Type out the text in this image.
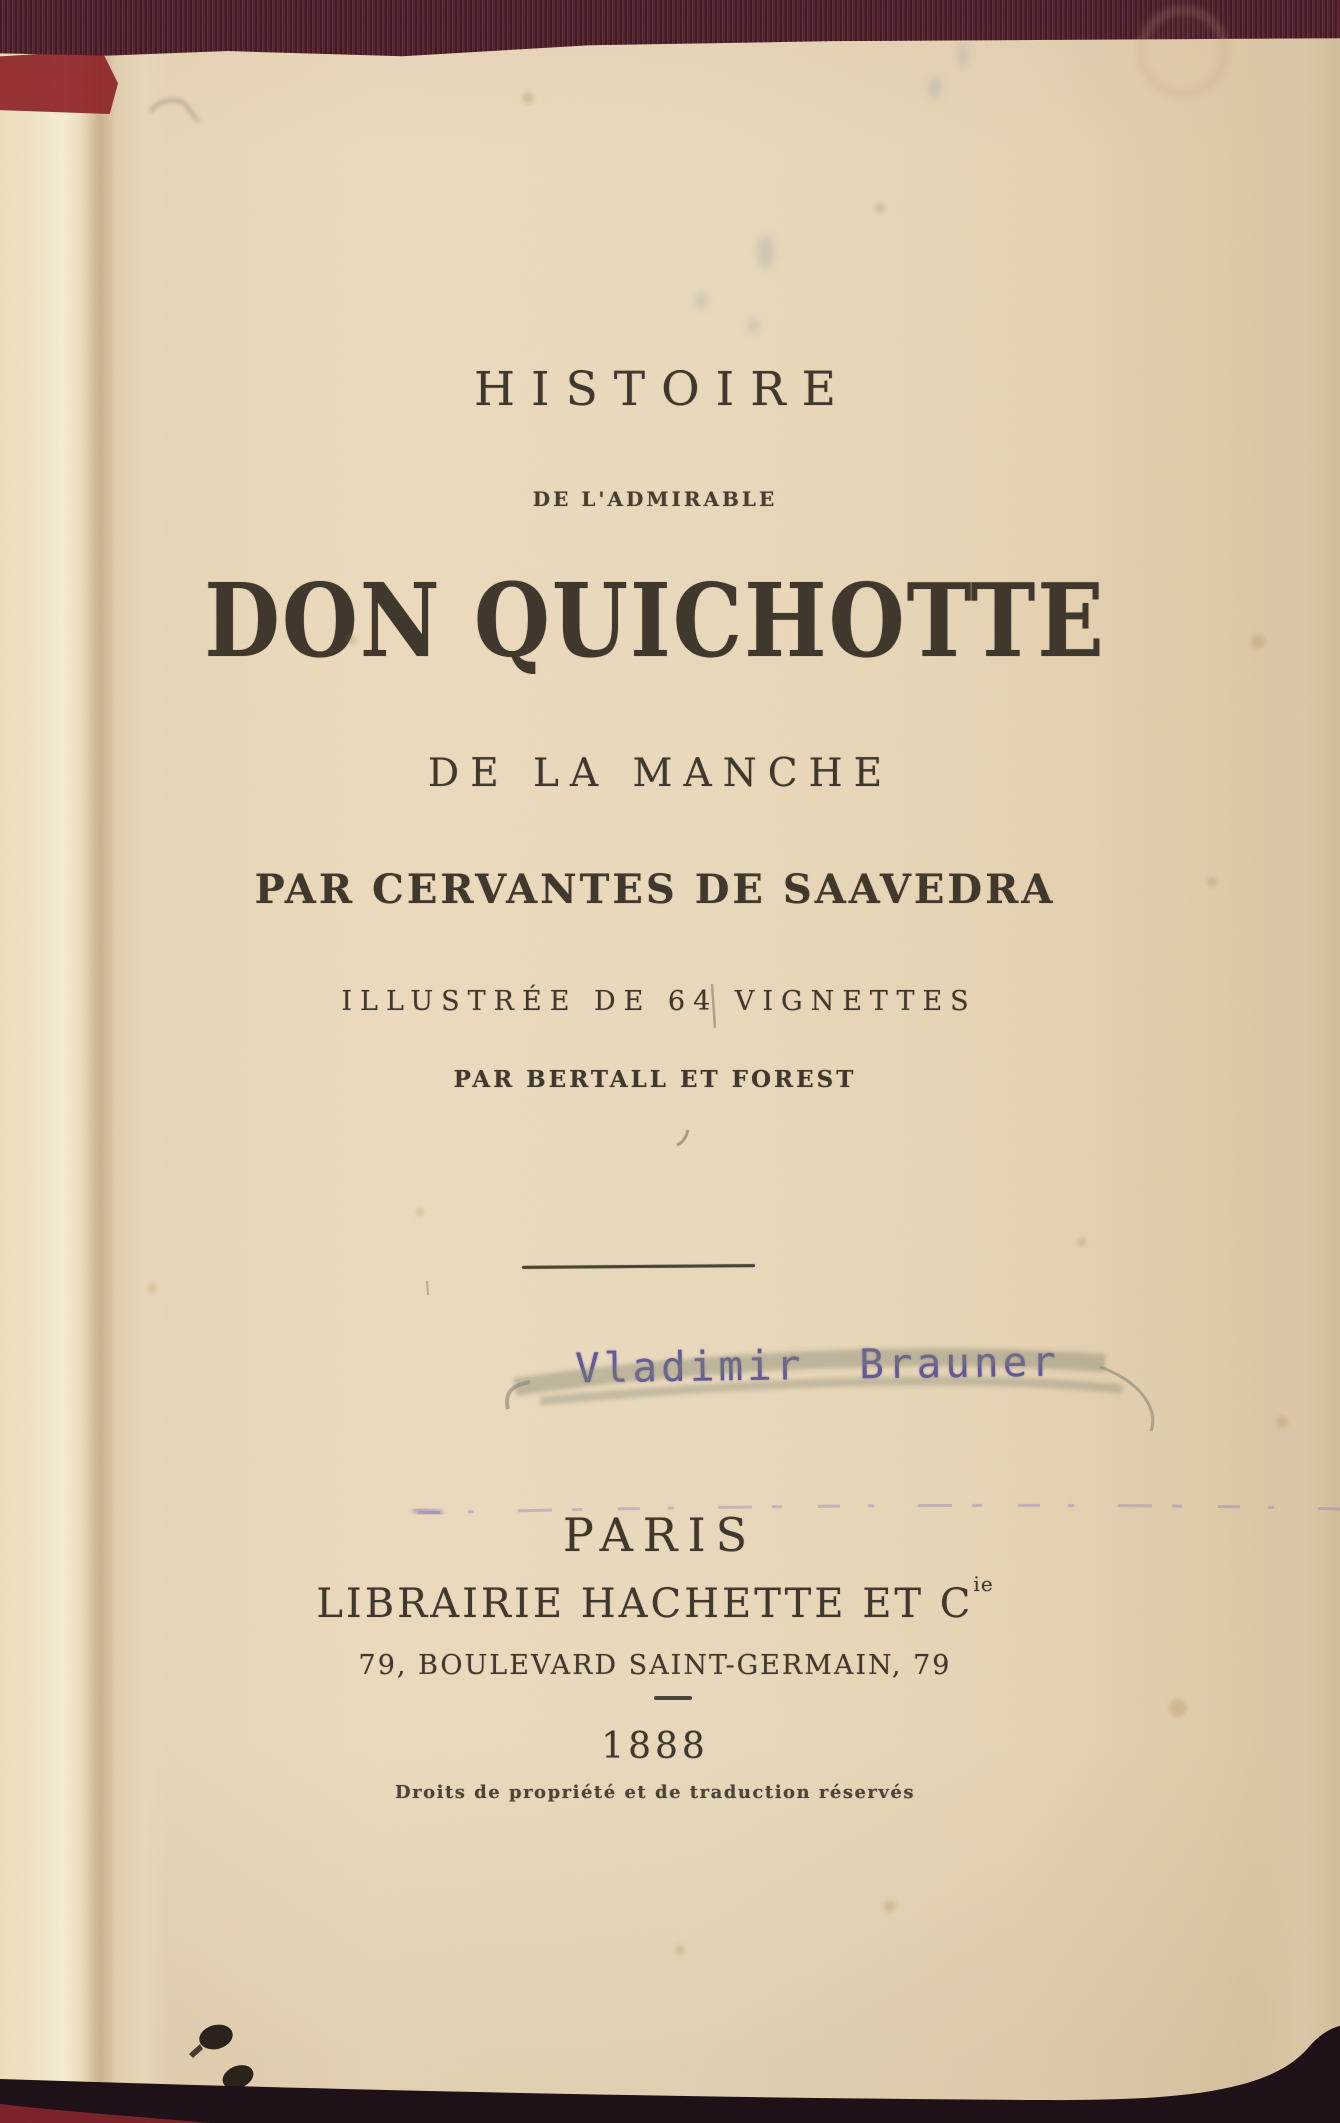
HISTOIRE
DE L'ADMIRABLE
DON QUICHOTTE
DE LA MANCHE
PAR CERVANTES DE SAAVEDRA
ILLUSTRÉE DE 64 VIGNETTES
PAR BERTALL ET FOREST
Vladimir Brauner
PARIS
LIBRAIRIE HACHETTE ET $C^{ie}$
79, BOULEVARD SAINT-GERMAIN, 79
1888
Droits de propriété et de traduction réservés
